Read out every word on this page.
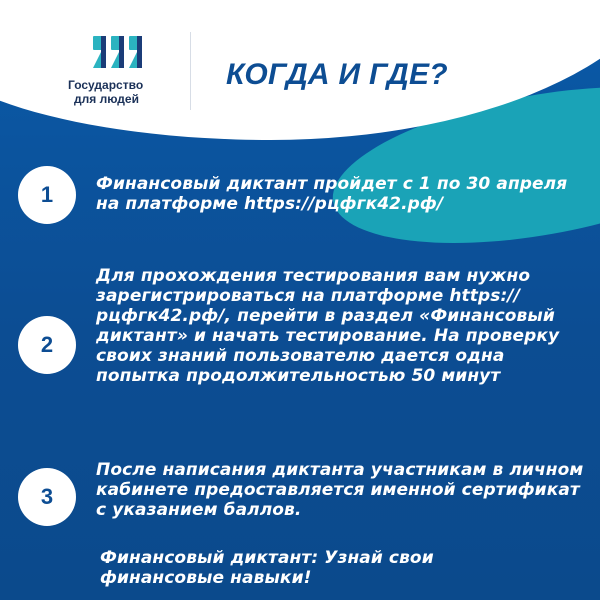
Государство
для людей
КОГДА И ГДЕ?
1	Финансовый диктант пройдет с 1 по 30 апреля на платформе https://рцфгк42.рф/
2
Для прохождения тестирования вам нужно зарегистрироваться на платформе https:// рцфгк42.рф/, перейти в раздел «Финансовый диктант» и начать тестирование. На проверку своих знаний пользователю дается одна попытка продолжительностью 50 минут
3
После написания диктанта участникам в личном кабинете предоставляется именной сертификат с указанием баллов.
Финансовый диктант: Узнай свои финансовые навыки!
